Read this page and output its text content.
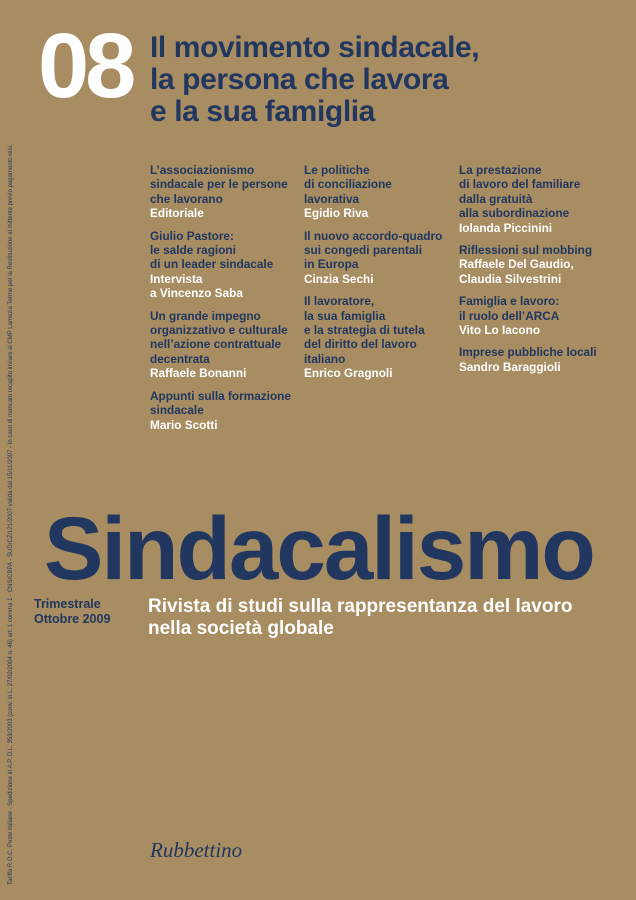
Tariffa R.O.C. Poste italiane - Spedizione in A.P. D.L. 353/2003 (conv. in L. 27/02/2004 n. 46) art. 1 comma 1 - CNS/CBPA - SUD/CZ/121/2007 valida dal 15/11/2007 - In caso di mancato recapito inviare al CMP Lamezia Terme per la Restituzione al mittente previo pagamento resi.
08 Il movimento sindacale,
la persona che lavora
e la sua famiglia
L’associazionismo
sindacale per le persone
che lavorano
Editoriale
Giulio Pastore:
le salde ragioni
di un leader sindacale
Intervista
a Vincenzo Saba
Un grande impegno
organizzativo e culturale
nell’azione contrattuale
decentrata
Raffaele Bonanni
Appunti sulla formazione
sindacale
Mario Scotti
Le politiche
di conciliazione
lavorativa
Egidio Riva
Il nuovo accordo-quadro
sui congedi parentali
in Europa
Cinzia Sechi
Il lavoratore,
la sua famiglia
e la strategia di tutela
del diritto del lavoro
italiano
Enrico Gragnoli
La prestazione
di lavoro del familiare
dalla gratuità
alla subordinazione
Iolanda Piccinini
Riflessioni sul mobbing
Raffaele Del Gaudio,
Claudia Silvestrini
Famiglia e lavoro:
il ruolo dell’ARCA
Vito Lo Iacono
Imprese pubbliche locali
Sandro Baraggioli
Sindacalismo
Trimestrale
Ottobre 2009
Rivista di studi sulla rappresentanza del lavoro
nella società globale
Rubbettino
